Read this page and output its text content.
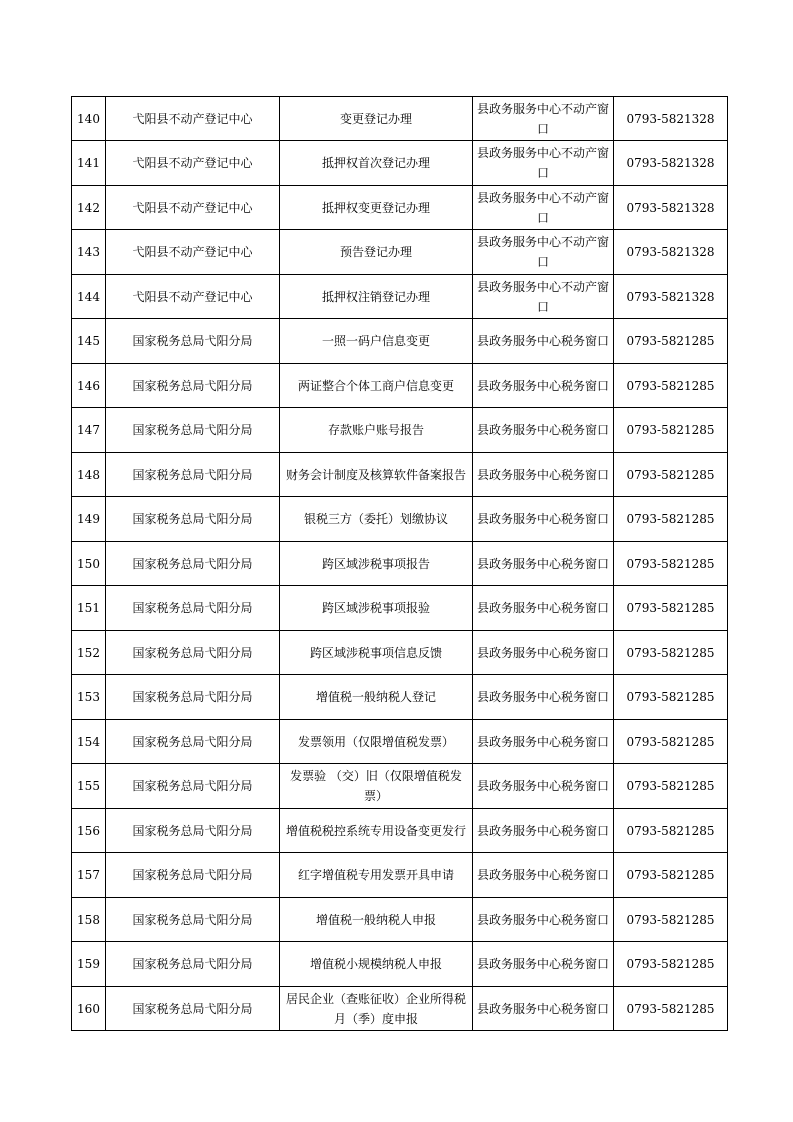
140	弋阳县不动产登记中心	变更登记办理	县政务服务中心不动产窗口	0793-5821328
141	弋阳县不动产登记中心	抵押权首次登记办理	县政务服务中心不动产窗口	0793-5821328
142	弋阳县不动产登记中心	抵押权变更登记办理	县政务服务中心不动产窗口	0793-5821328
143	弋阳县不动产登记中心	预告登记办理	县政务服务中心不动产窗口	0793-5821328
144	弋阳县不动产登记中心	抵押权注销登记办理	县政务服务中心不动产窗口	0793-5821328
145	国家税务总局弋阳分局	一照一码户信息变更	县政务服务中心税务窗口	0793-5821285
146	国家税务总局弋阳分局	两证整合个体工商户信息变更	县政务服务中心税务窗口	0793-5821285
147	国家税务总局弋阳分局	存款账户账号报告	县政务服务中心税务窗口	0793-5821285
148	国家税务总局弋阳分局	财务会计制度及核算软件备案报告	县政务服务中心税务窗口	0793-5821285
149	国家税务总局弋阳分局	银税三方（委托）划缴协议	县政务服务中心税务窗口	0793-5821285
150	国家税务总局弋阳分局	跨区域涉税事项报告	县政务服务中心税务窗口	0793-5821285
151	国家税务总局弋阳分局	跨区域涉税事项报验	县政务服务中心税务窗口	0793-5821285
152	国家税务总局弋阳分局	跨区域涉税事项信息反馈	县政务服务中心税务窗口	0793-5821285
153	国家税务总局弋阳分局	增值税一般纳税人登记	县政务服务中心税务窗口	0793-5821285
154	国家税务总局弋阳分局	发票领用（仅限增值税发票）	县政务服务中心税务窗口	0793-5821285
155	国家税务总局弋阳分局	发票验 （交）旧（仅限增值税发票）	县政务服务中心税务窗口	0793-5821285
156	国家税务总局弋阳分局	增值税税控系统专用设备变更发行	县政务服务中心税务窗口	0793-5821285
157	国家税务总局弋阳分局	红字增值税专用发票开具申请	县政务服务中心税务窗口	0793-5821285
158	国家税务总局弋阳分局	增值税一般纳税人申报	县政务服务中心税务窗口	0793-5821285
159	国家税务总局弋阳分局	增值税小规模纳税人申报	县政务服务中心税务窗口	0793-5821285
160	国家税务总局弋阳分局	居民企业（查账征收）企业所得税月（季）度申报	县政务服务中心税务窗口	0793-5821285
